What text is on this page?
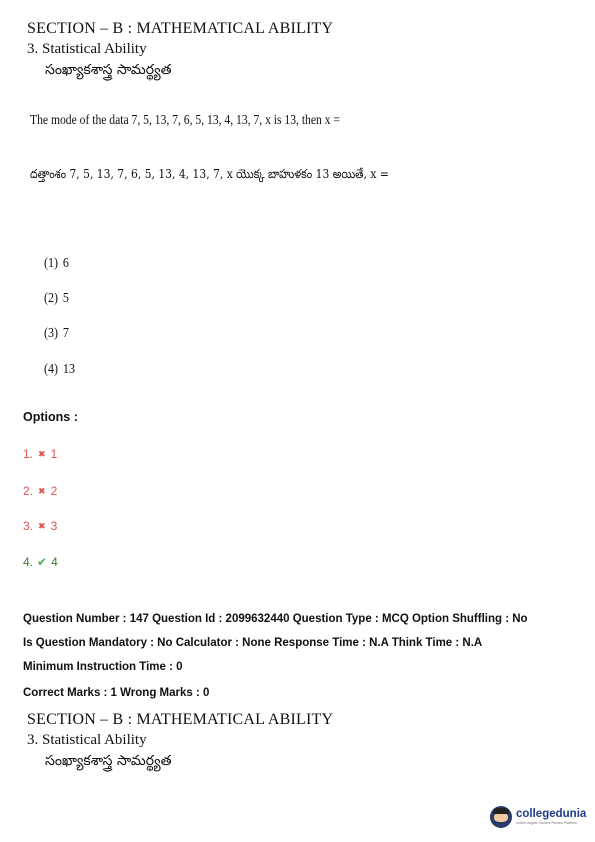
SECTION – B : MATHEMATICAL ABILITY
3. Statistical Ability
సంఖ్యాకశాస్త్ర సామర్థ్యత
The mode of the data 7, 5, 13, 7, 6, 5, 13, 4, 13, 7, x is 13, then x =
దత్తాంశం 7, 5, 13, 7, 6, 5, 13, 4, 13, 7, x యొక్క బాహుళకం 13 అయితే, x =
(1) 6
(2) 5
(3) 7
(4) 13
Options :
1. ✖ 1
2. ✖ 2
3. ✖ 3
4. ✔ 4
Question Number : 147 Question Id : 2099632440 Question Type : MCQ Option Shuffling : No
Is Question Mandatory : No Calculator : None Response Time : N.A Think Time : N.A
Minimum Instruction Time : 0
Correct Marks : 1 Wrong Marks : 0
SECTION – B : MATHEMATICAL ABILITY
3. Statistical Ability
సంఖ్యాకశాస్త్ర సామర్థ్యత
collegedunia
India's largest Student Review Platform
